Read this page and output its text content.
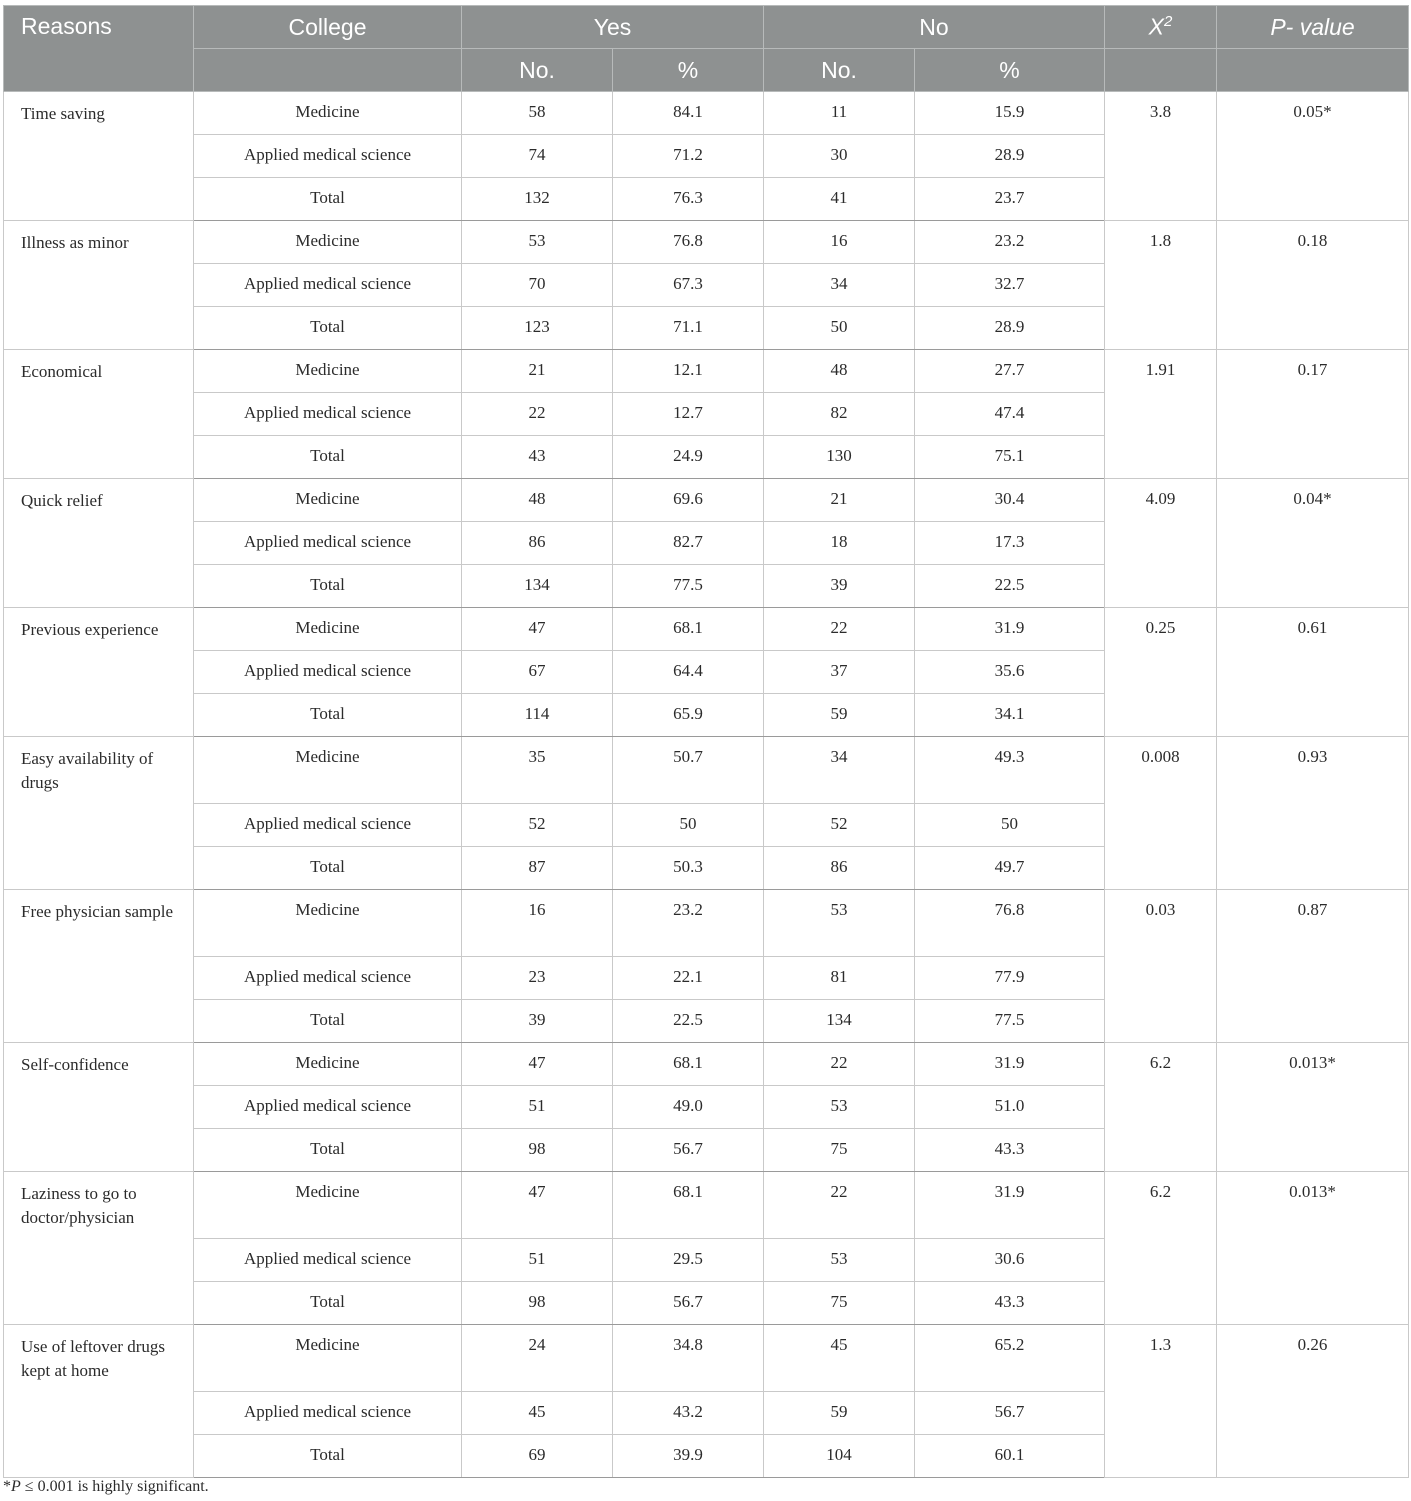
Reasons	College	Yes		No		$X^2$	P- value
		No.	%	No.	%		
Time saving	Medicine	58	84.1	11	15.9	3.8	0.05*
	Applied medical science	74	71.2	30	28.9		
	Total	132	76.3	41	23.7		
Illness as minor	Medicine	53	76.8	16	23.2	1.8	0.18
	Applied medical science	70	67.3	34	32.7		
	Total	123	71.1	50	28.9		
Economical	Medicine	21	12.1	48	27.7	1.91	0.17
	Applied medical science	22	12.7	82	47.4		
	Total	43	24.9	130	75.1		
Quick relief	Medicine	48	69.6	21	30.4	4.09	0.04*
	Applied medical science	86	82.7	18	17.3		
	Total	134	77.5	39	22.5		
Previous experience	Medicine	47	68.1	22	31.9	0.25	0.61
	Applied medical science	67	64.4	37	35.6		
	Total	114	65.9	59	34.1		
Easy availability of drugs	Medicine	35	50.7	34	49.3	0.008	0.93
	Applied medical science	52	50	52	50		
	Total	87	50.3	86	49.7		
Free physician sample	Medicine	16	23.2	53	76.8	0.03	0.87
	Applied medical science	23	22.1	81	77.9		
	Total	39	22.5	134	77.5		
Self-confidence	Medicine	47	68.1	22	31.9	6.2	0.013*
	Applied medical science	51	49.0	53	51.0		
	Total	98	56.7	75	43.3		
Laziness to go to doctor/physician	Medicine	47	68.1	22	31.9	6.2	0.013*
	Applied medical science	51	29.5	53	30.6		
	Total	98	56.7	75	43.3		
Use of leftover drugs kept at home	Medicine	24	34.8	45	65.2	1.3	0.26
	Applied medical science	45	43.2	59	56.7		
	Total	69	39.9	104	60.1		
*P ≤ 0.001 is highly significant.
